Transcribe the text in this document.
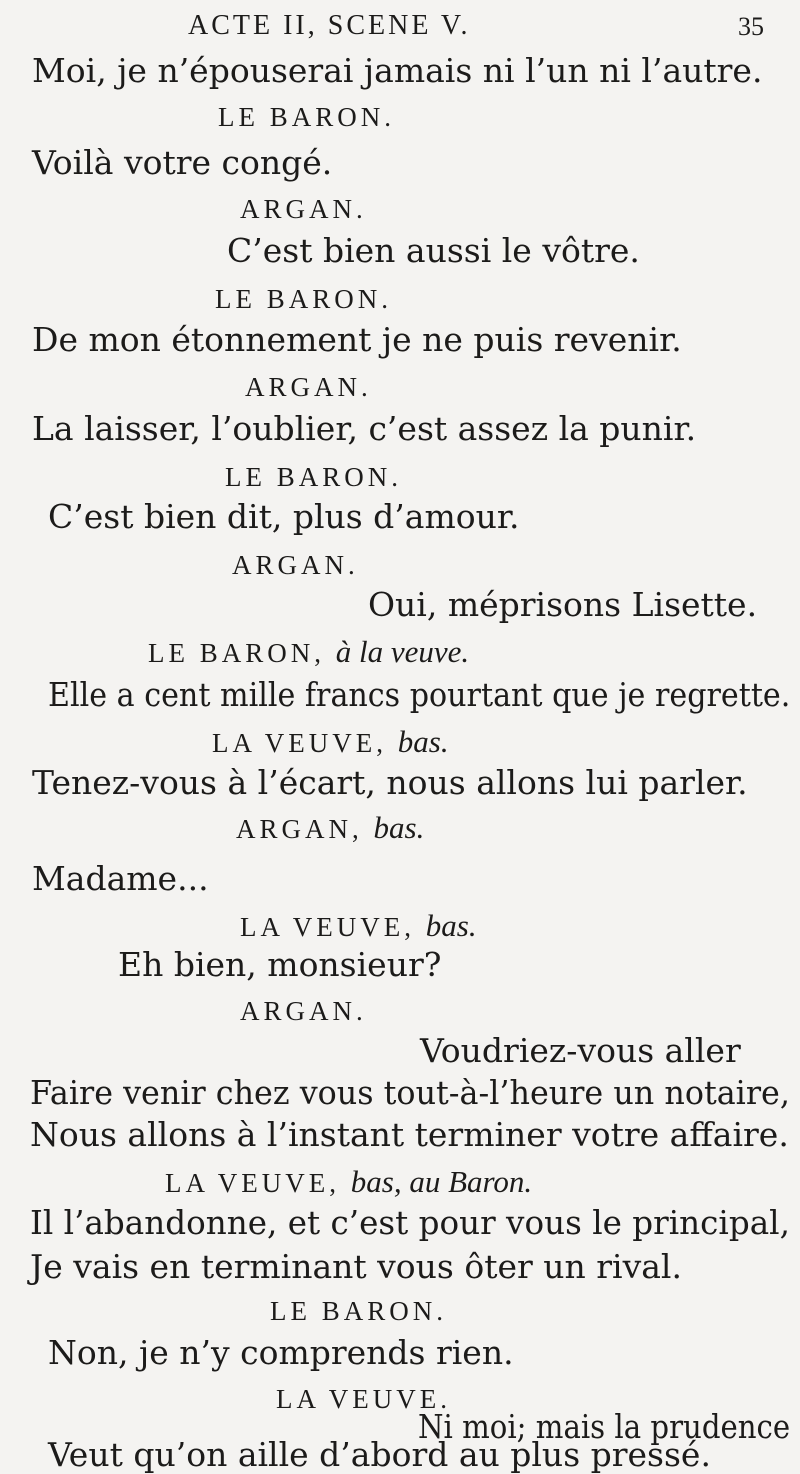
ACTE II, SCENE V.	35
Moi, je n’épouserai jamais ni l’un ni l’autre.
LE BARON.
Voilà votre congé.
ARGAN.
C’est bien aussi le vôtre.
LE BARON.
De mon étonnement je ne puis revenir.
ARGAN.
La laisser, l’oublier, c’est assez la punir.
LE BARON.
C’est bien dit, plus d’amour.
ARGAN.
Oui, méprisons Lisette.
LE BARON, à la veuve.
Elle a cent mille francs pourtant que je regrette.
LA VEUVE, bas.
Tenez-vous à l’écart, nous allons lui parler.
ARGAN, bas.
Madame...
LA VEUVE, bas.
Eh bien, monsieur?
ARGAN.
Voudriez-vous aller
Faire venir chez vous tout-à-l’heure un notaire,
Nous allons à l’instant terminer votre affaire.
LA VEUVE, bas, au Baron.
Il l’abandonne, et c’est pour vous le principal,
Je vais en terminant vous ôter un rival.
LE BARON.
Non, je n’y comprends rien.
LA VEUVE.
Ni moi; mais la prudence
Veut qu’on aille d’abord au plus pressé.
